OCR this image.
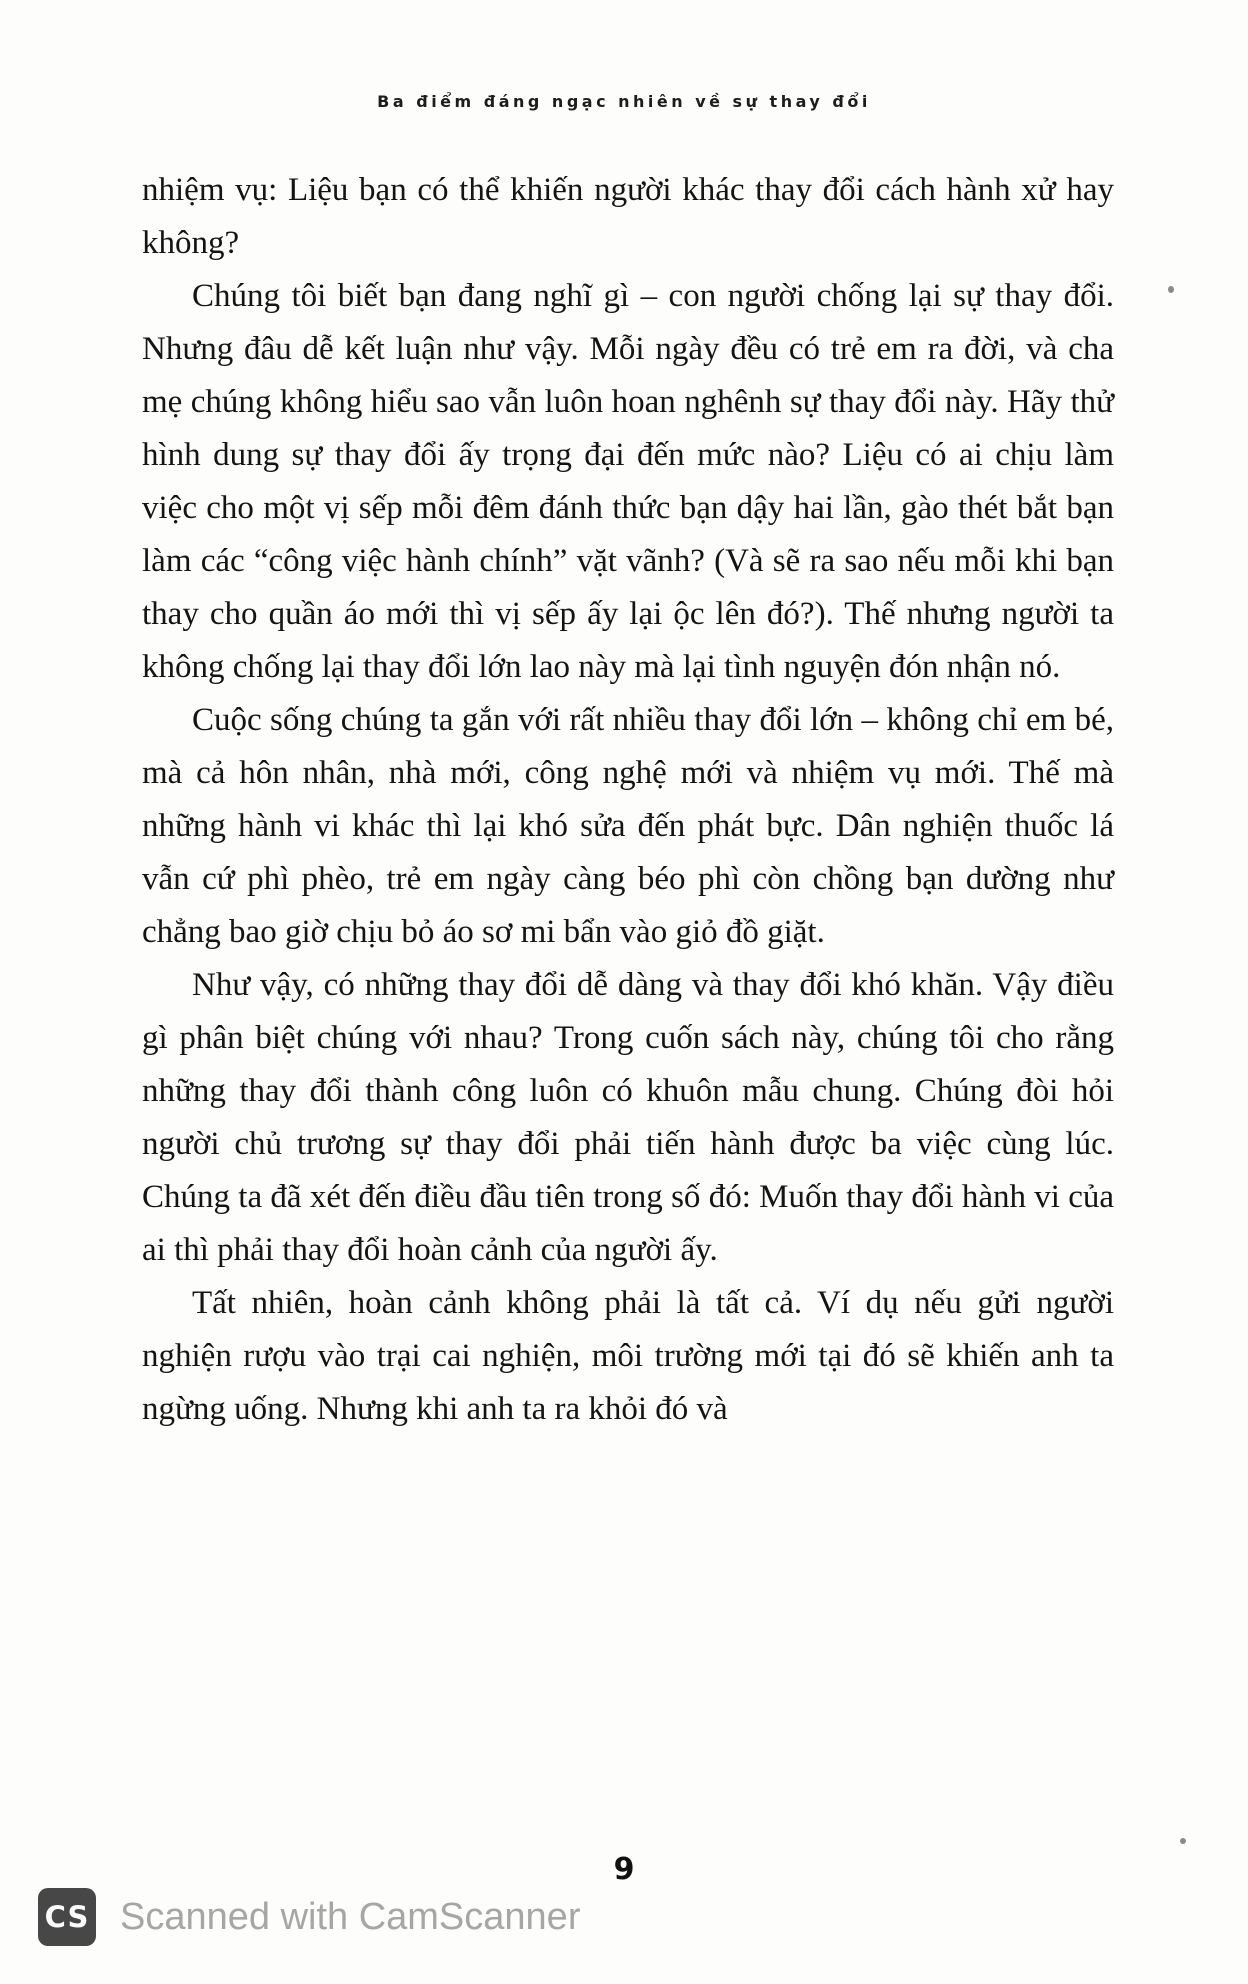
Ba điểm đáng ngạc nhiên về sự thay đổi

nhiệm vụ: Liệu bạn có thể khiến người khác thay đổi cách hành xử hay không?

Chúng tôi biết bạn đang nghĩ gì – con người chống lại sự thay đổi. Nhưng đâu dễ kết luận như vậy. Mỗi ngày đều có trẻ em ra đời, và cha mẹ chúng không hiểu sao vẫn luôn hoan nghênh sự thay đổi này. Hãy thử hình dung sự thay đổi ấy trọng đại đến mức nào? Liệu có ai chịu làm việc cho một vị sếp mỗi đêm đánh thức bạn dậy hai lần, gào thét bắt bạn làm các “công việc hành chính” vặt vãnh? (Và sẽ ra sao nếu mỗi khi bạn thay cho quần áo mới thì vị sếp ấy lại ộc lên đó?). Thế nhưng người ta không chống lại thay đổi lớn lao này mà lại tình nguyện đón nhận nó.

Cuộc sống chúng ta gắn với rất nhiều thay đổi lớn – không chỉ em bé, mà cả hôn nhân, nhà mới, công nghệ mới và nhiệm vụ mới. Thế mà những hành vi khác thì lại khó sửa đến phát bực. Dân nghiện thuốc lá vẫn cứ phì phèo, trẻ em ngày càng béo phì còn chồng bạn dường như chẳng bao giờ chịu bỏ áo sơ mi bẩn vào giỏ đồ giặt.

Như vậy, có những thay đổi dễ dàng và thay đổi khó khăn. Vậy điều gì phân biệt chúng với nhau? Trong cuốn sách này, chúng tôi cho rằng những thay đổi thành công luôn có khuôn mẫu chung. Chúng đòi hỏi người chủ trương sự thay đổi phải tiến hành được ba việc cùng lúc. Chúng ta đã xét đến điều đầu tiên trong số đó: Muốn thay đổi hành vi của ai thì phải thay đổi hoàn cảnh của người ấy.

Tất nhiên, hoàn cảnh không phải là tất cả. Ví dụ nếu gửi người nghiện rượu vào trại cai nghiện, môi trường mới tại đó sẽ khiến anh ta ngừng uống. Nhưng khi anh ta ra khỏi đó và

9
CS Scanned with CamScanner
